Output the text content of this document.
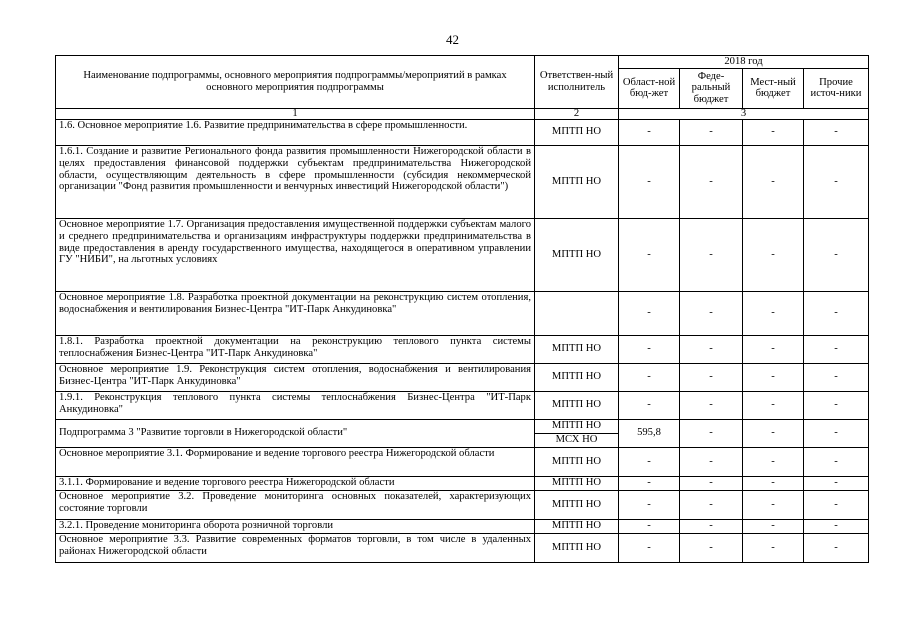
42
Наименование подпрограммы, основного мероприятия подпрограммы/мероприятий в рамках основного мероприятия подпрограммы	Ответствен-ный исполнитель	2018 год			
		Област-ной бюд-жет	Феде-ральный бюджет	Мест-ный бюджет	Прочие источ-ники
1	2	3			
1.6. Основное мероприятие 1.6. Развитие предпринимательства в сфере промышленности.	МПТП НО	-	-	-	-
1.6.1. Создание и развитие Регионального фонда развития промышленности Нижегородской области в целях предоставления финансовой поддержки субъектам предпринимательства Нижегородской области, осуществляющим деятельность в сфере промышленности (субсидия некоммерческой организации "Фонд развития промышленности и венчурных инвестиций Нижегородской области")	МПТП НО	-	-	-	-
Основное мероприятие 1.7. Организация предоставления имущественной поддержки субъектам малого и среднего предпринимательства и организациям инфраструктуры поддержки предпринимательства в виде предоставления в аренду государственного имущества, находящегося в оперативном управлении ГУ "НИБИ", на льготных условиях	МПТП НО	-	-	-	-
Основное мероприятие 1.8. Разработка проектной документации на реконструкцию систем отопления, водоснабжения и вентилирования Бизнес-Центра "ИТ-Парк Анкудиновка"		-	-	-	-
1.8.1. Разработка проектной документации на реконструкцию теплового пункта системы теплоснабжения Бизнес-Центра "ИТ-Парк Анкудиновка"	МПТП НО	-	-	-	-
Основное мероприятие 1.9. Реконструкция систем отопления, водоснабжения и вентилирования Бизнес-Центра "ИТ-Парк Анкудиновка"	МПТП НО	-	-	-	-
1.9.1. Реконструкция теплового пункта системы теплоснабжения Бизнес-Центра "ИТ-Парк Анкудиновка"	МПТП НО	-	-	-	-
Подпрограмма 3 "Развитие торговли в Нижегородской области"	МПТП НО	595,8	-	-	-
	МСХ НО				
Основное мероприятие 3.1. Формирование и ведение торгового реестра Нижегородской области	МПТП НО	-	-	-	-
3.1.1. Формирование и ведение торгового реестра Нижегородской области	МПТП НО	-	-	-	-
Основное мероприятие 3.2. Проведение мониторинга основных показателей, характеризующих состояние торговли	МПТП НО	-	-	-	-
3.2.1. Проведение мониторинга оборота розничной торговли	МПТП НО	-	-	-	-
Основное мероприятие 3.3. Развитие современных форматов торговли, в том числе в удаленных районах Нижегородской области	МПТП НО	-	-	-	-
